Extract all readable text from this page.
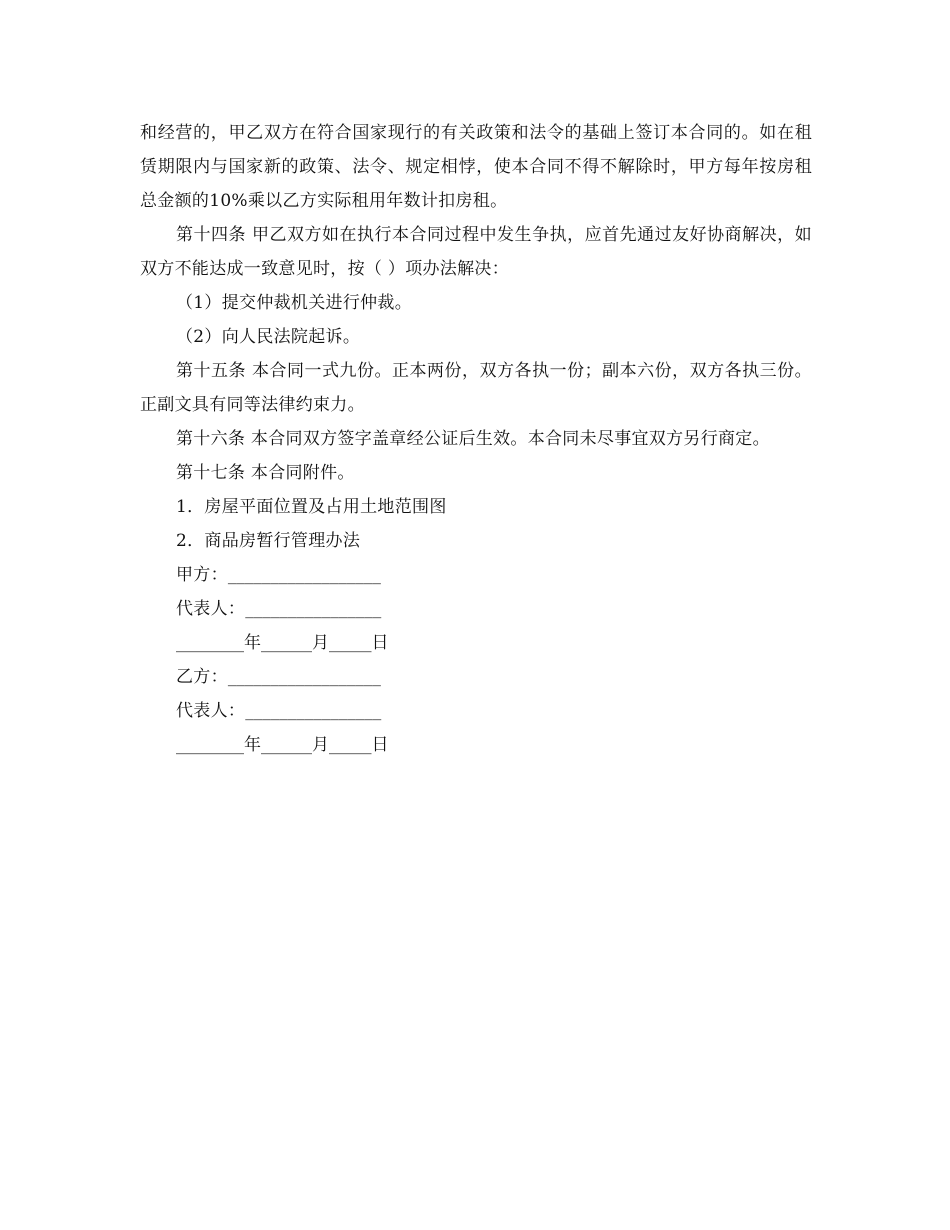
和经营的，甲乙双方在符合国家现行的有关政策和法令的基础上签订本合同的。如在租赁期限内与国家新的政策、法令、规定相悖，使本合同不得不解除时，甲方每年按房租总金额的10%乘以乙方实际租用年数计扣房租。

第十四条 甲乙双方如在执行本合同过程中发生争执，应首先通过友好协商解决，如双方不能达成一致意见时，按（ ）项办法解决：

（1）提交仲裁机关进行仲裁。

（2）向人民法院起诉。

第十五条 本合同一式九份。正本两份，双方各执一份；副本六份，双方各执三份。正副文具有同等法律约束力。

第十六条 本合同双方签字盖章经公证后生效。本合同未尽事宜双方另行商定。

第十七条 本合同附件。

1．房屋平面位置及占用土地范围图

2．商品房暂行管理办法

甲方：__________________
代表人：________________
________年______月_____日
乙方：__________________
代表人：________________
________年______月_____日
